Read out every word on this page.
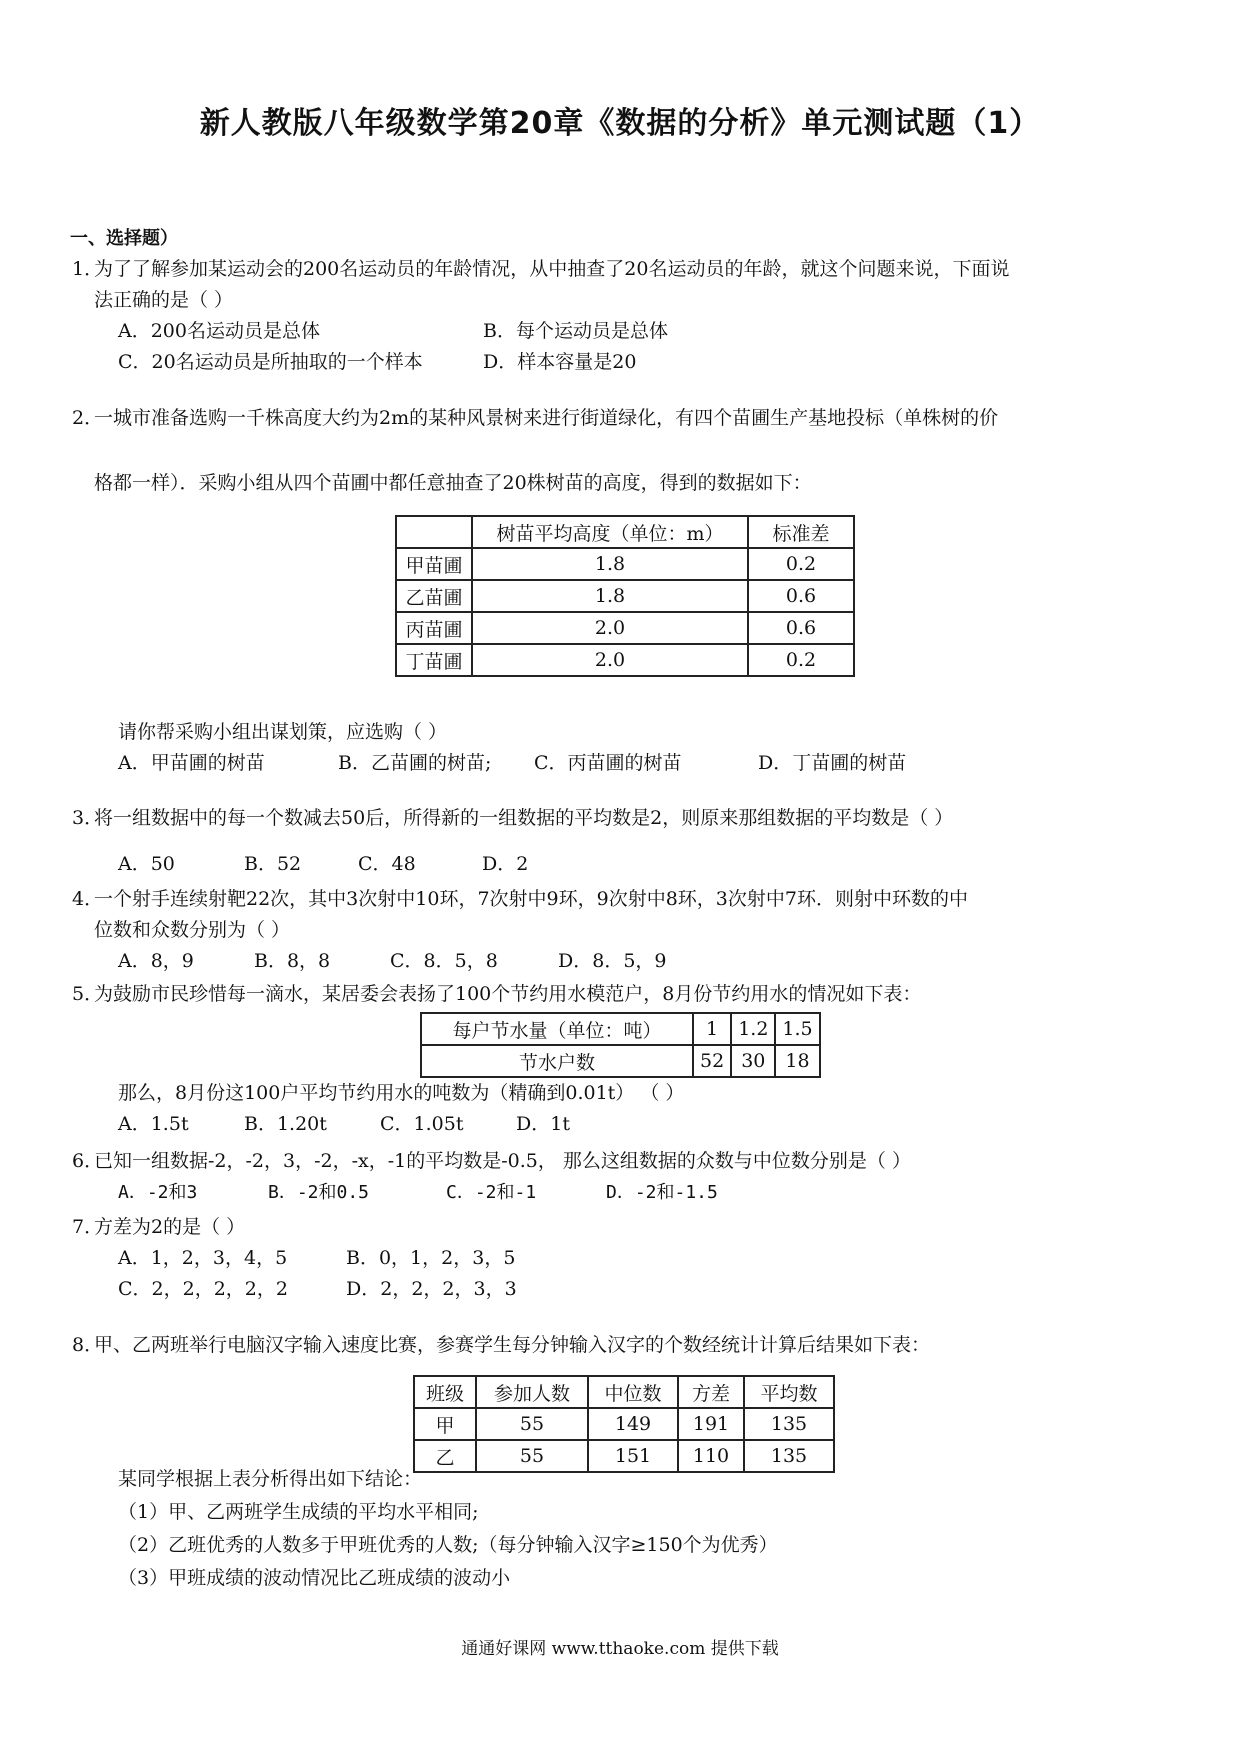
新人教版八年级数学第20章《数据的分析》单元测试题（1）
一、选择题）
1．为了了解参加某运动会的200名运动员的年龄情况，从中抽查了20名运动员的年龄，就这个问题来说，下面说
法正确的是（ ）
A．200名运动员是总体	B．每个运动员是总体
C．20名运动员是所抽取的一个样本	D．样本容量是20
2．一城市准备选购一千株高度大约为2m的某种风景树来进行街道绿化，有四个苗圃生产基地投标（单株树的价
格都一样）．采购小组从四个苗圃中都任意抽查了20株树苗的高度，得到的数据如下：
	树苗平均高度（单位：m）	标准差
甲苗圃	1.8	0.2
乙苗圃	1.8	0.6
丙苗圃	2.0	0.6
丁苗圃	2.0	0.2
请你帮采购小组出谋划策，应选购（ ）
A．甲苗圃的树苗	B．乙苗圃的树苗; C．丙苗圃的树苗	D．丁苗圃的树苗
3．将一组数据中的每一个数减去50后，所得新的一组数据的平均数是2，则原来那组数据的平均数是（ ）
A．50	B．52	C．48	D．2
4．一个射手连续射靶22次，其中3次射中10环，7次射中9环，9次射中8环，3次射中7环．则射中环数的中
位数和众数分别为（ ）
A．8，9	B．8，8	C．8．5，8	D．8．5，9
5．为鼓励市民珍惜每一滴水，某居委会表扬了100个节约用水模范户，8月份节约用水的情况如下表：
每户节水量（单位：吨）	1	1.2	1.5
节水户数	52	30	18
那么，8月份这100户平均节约用水的吨数为（精确到0.01t） （ ）
A．1.5t	B．1.20t	C．1.05t	D．1t
6．已知一组数据-2，-2，3，-2，-x，-1的平均数是-0.5， 那么这组数据的众数与中位数分别是（ ）
A．-2和3	B．-2和0.5	C．-2和-1	D．-2和-1.5
7．方差为2的是（ ）
A．1，2，3，4，5	B．0，1，2，3，5
C．2，2，2，2，2	D．2，2，2，3，3
8．甲、乙两班举行电脑汉字输入速度比赛，参赛学生每分钟输入汉字的个数经统计计算后结果如下表：
班级	参加人数	中位数	方差	平均数
甲	55	149	191	135
乙	55	151	110	135
某同学根据上表分析得出如下结论：
（1）甲、乙两班学生成绩的平均水平相同;
（2）乙班优秀的人数多于甲班优秀的人数;（每分钟输入汉字≥150个为优秀）
（3）甲班成绩的波动情况比乙班成绩的波动小
通通好课网 www.tthaoke.com 提供下载
